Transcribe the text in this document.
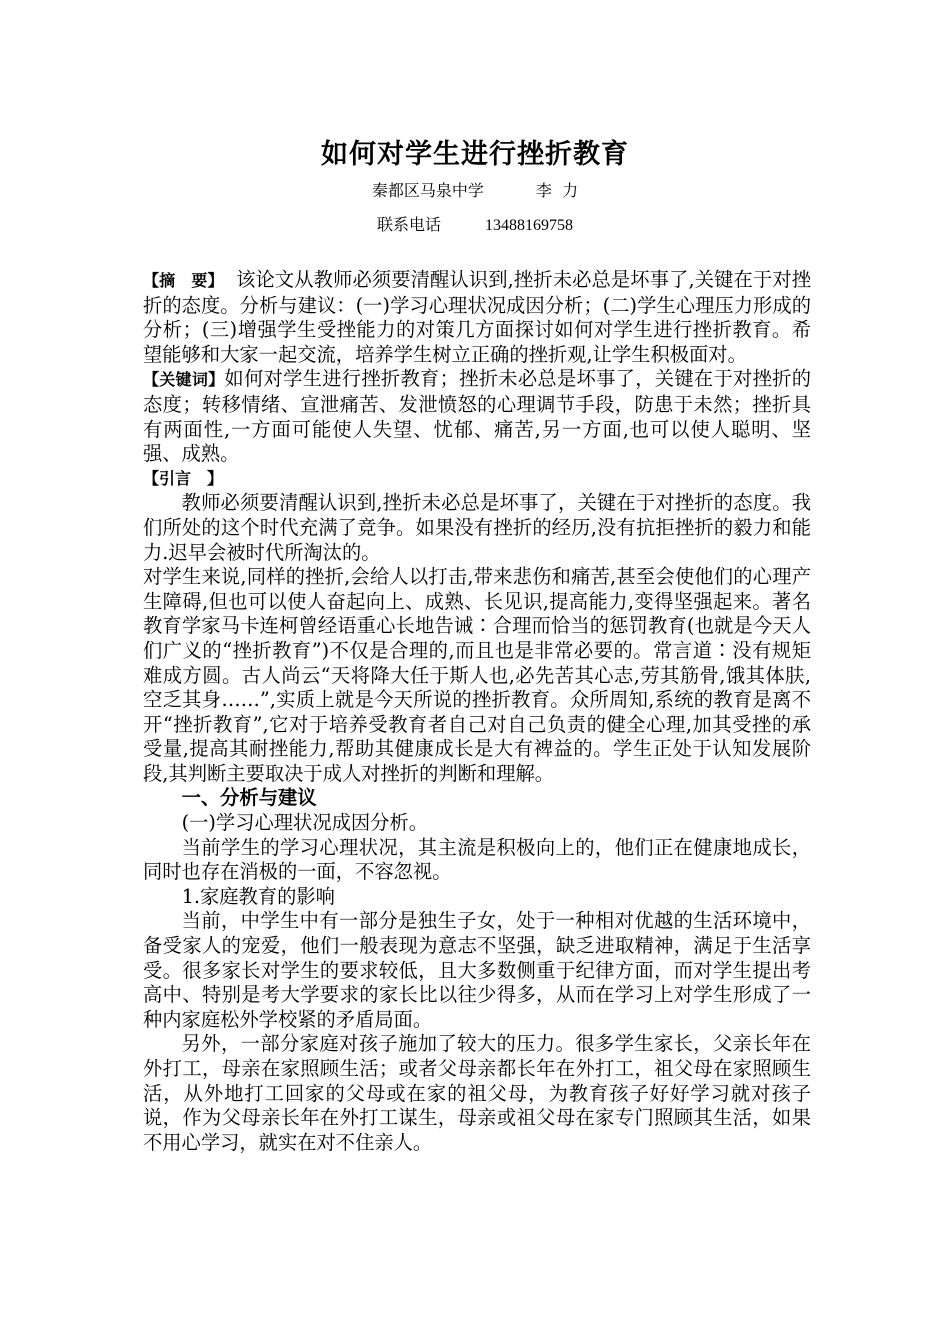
如何对学生进行挫折教育
秦都区马泉中学	李  力
联系电话	13488169758

【摘　要】  该论文从教师必须要清醒认识到,挫折未必总是坏事了,关键在于对挫折的态度。分析与建议：(一)学习心理状况成因分析；(二)学生心理压力形成的分析；(三)增强学生受挫能力的对策几方面探讨如何对学生进行挫折教育。希望能够和大家一起交流，培养学生树立正确的挫折观,让学生积极面对。

【关键词】如何对学生进行挫折教育；挫折未必总是坏事了，关键在于对挫折的态度；转移情绪、宣泄痛苦、发泄愤怒的心理调节手段，防患于未然；挫折具有两面性,一方面可能使人失望、忧郁、痛苦,另一方面,也可以使人聪明、坚强、成熟。

【引言　】

教师必须要清醒认识到,挫折未必总是坏事了，关键在于对挫折的态度。我们所处的这个时代充满了竞争。如果没有挫折的经历,没有抗拒挫折的毅力和能力.迟早会被时代所淘汰的。

对学生来说,同样的挫折,会给人以打击,带来悲伤和痛苦,甚至会使他们的心理产生障碍,但也可以使人奋起向上、成熟、长见识,提高能力,变得坚强起来。著名教育学家马卡连柯曾经语重心长地告诫∶合理而恰当的惩罚教育(也就是今天人们广义的“挫折教育”)不仅是合理的,而且也是非常必要的。常言道∶没有规矩难成方圆。古人尚云“天将降大任于斯人也,必先苦其心志,劳其筋骨,饿其体肤,空乏其身……”,实质上就是今天所说的挫折教育。众所周知,系统的教育是离不开“挫折教育”,它对于培养受教育者自己对自己负责的健全心理,加其受挫的承受量,提高其耐挫能力,帮助其健康成长是大有裨益的。学生正处于认知发展阶段,其判断主要取决于成人对挫折的判断和理解。

一、分析与建议

(一)学习心理状况成因分析。

当前学生的学习心理状况，其主流是积极向上的，他们正在健康地成长，同时也存在消极的一面，不容忽视。

1.家庭教育的影响

当前，中学生中有一部分是独生子女，处于一种相对优越的生活环境中，备受家人的宠爱，他们一般表现为意志不坚强，缺乏进取精神，满足于生活享受。很多家长对学生的要求较低，且大多数侧重于纪律方面，而对学生提出考高中、特别是考大学要求的家长比以往少得多，从而在学习上对学生形成了一种内家庭松外学校紧的矛盾局面。

另外，一部分家庭对孩子施加了较大的压力。很多学生家长，父亲长年在外打工，母亲在家照顾生活；或者父母亲都长年在外打工，祖父母在家照顾生活，从外地打工回家的父母或在家的祖父母，为教育孩子好好学习就对孩子说，作为父母亲长年在外打工谋生，母亲或祖父母在家专门照顾其生活，如果不用心学习，就实在对不住亲人。
